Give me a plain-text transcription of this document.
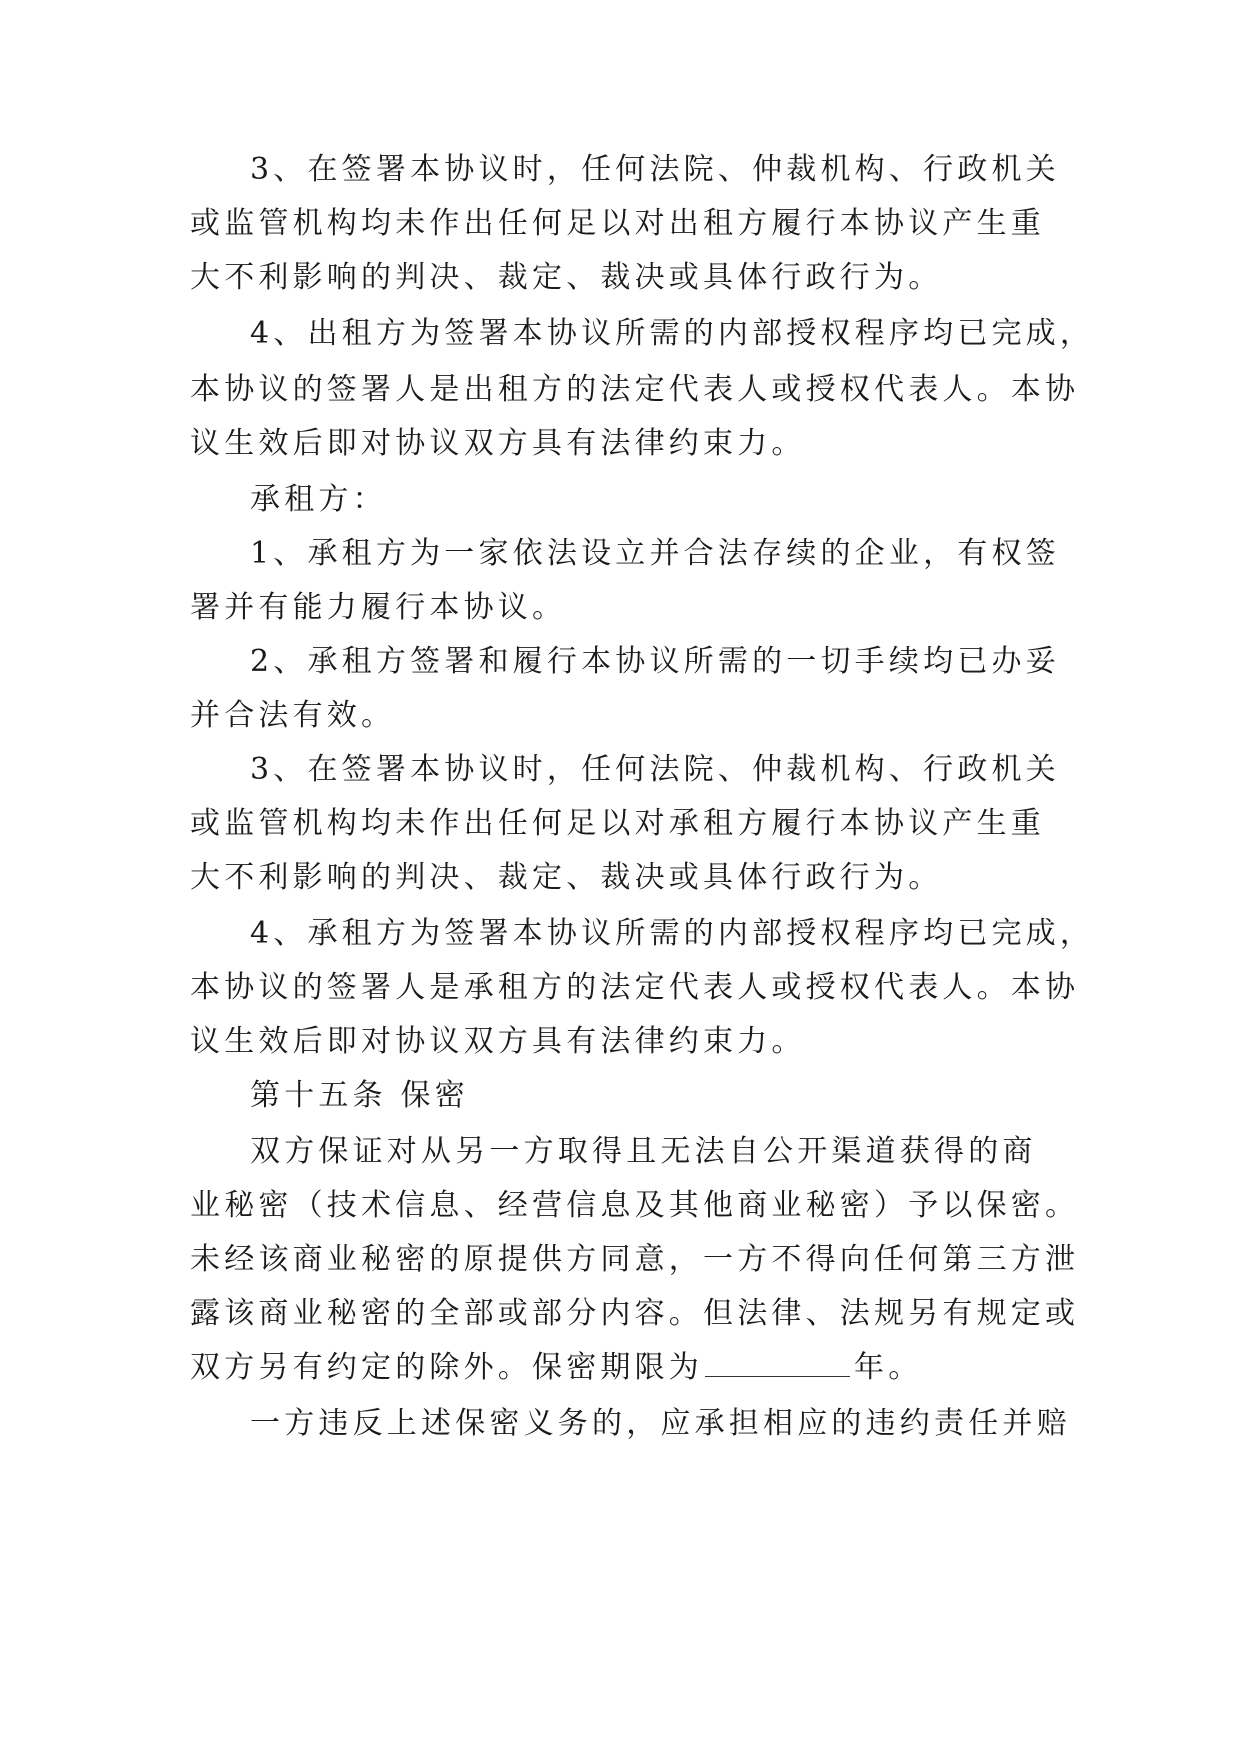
3、在签署本协议时，任何法院、仲裁机构、行政机关
或监管机构均未作出任何足以对出租方履行本协议产生重
大不利影响的判决、裁定、裁决或具体行政行为。
4、出租方为签署本协议所需的内部授权程序均已完成，
本协议的签署人是出租方的法定代表人或授权代表人。本协
议生效后即对协议双方具有法律约束力。
承租方：
1、承租方为一家依法设立并合法存续的企业，有权签
署并有能力履行本协议。
2、承租方签署和履行本协议所需的一切手续均已办妥
并合法有效。
3、在签署本协议时，任何法院、仲裁机构、行政机关
或监管机构均未作出任何足以对承租方履行本协议产生重
大不利影响的判决、裁定、裁决或具体行政行为。
4、承租方为签署本协议所需的内部授权程序均已完成，
本协议的签署人是承租方的法定代表人或授权代表人。本协
议生效后即对协议双方具有法律约束力。
第十五条 保密
双方保证对从另一方取得且无法自公开渠道获得的商
业秘密（技术信息、经营信息及其他商业秘密）予以保密。
未经该商业秘密的原提供方同意，一方不得向任何第三方泄
露该商业秘密的全部或部分内容。但法律、法规另有规定或
双方另有约定的除外。保密期限为	年。
一方违反上述保密义务的，应承担相应的违约责任并赔
